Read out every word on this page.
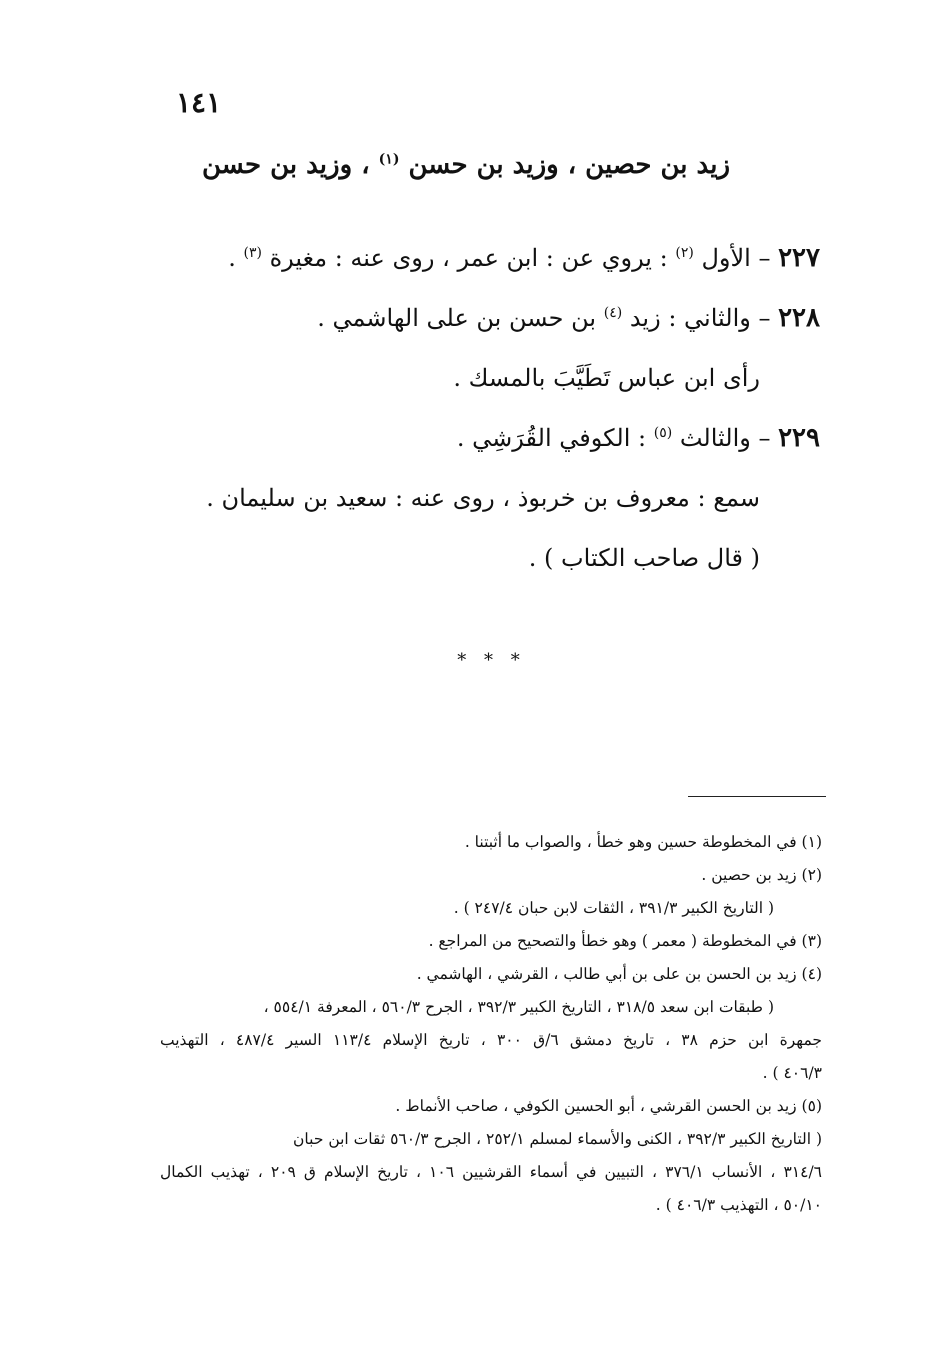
١٤١
زيد بن حصين ، وزيد بن حسن $^{(١)}$ ، وزيد بن حسن
٢٢٧ – الأول $^{(٢)}$ : يروي عن : ابن عمر ، روى عنه : مغيرة $^{(٣)}$ .
٢٢٨ – والثاني : زيد $^{(٤)}$ بن حسن بن على الهاشمي .
رأى ابن عباس تَطَيَّبَ بالمسك .
٢٢٩ – والثالث $^{(٥)}$ : الكوفي القُرَشِي .
سمع : معروف بن خربوذ ، روى عنه : سعيد بن سليمان .
( قال صاحب الكتاب ) .
* * *
(١) في المخطوطة حسين وهو خطأ ، والصواب ما أثبتنا .
(٢) زيد بن حصين .
( التاريخ الكبير ٣٩١/٣ ، الثقات لابن حبان ٢٤٧/٤ ) .
(٣) في المخطوطة ( معمر ) وهو خطأ والتصحيح من المراجع .
(٤) زيد بن الحسن بن على بن أبي طالب ، القرشي ، الهاشمي .
( طبقات ابن سعد ٣١٨/٥ ، التاريخ الكبير ٣٩٢/٣ ، الجرح ٥٦٠/٣ ، المعرفة ٥٥٤/١ ،
جمهرة ابن حزم ٣٨ ، تاريخ دمشق ٦/ق ٣٠٠ ، تاريخ الإسلام ١١٣/٤ السير ٤٨٧/٤ ، التهذيب
٤٠٦/٣ ) .
(٥) زيد بن الحسن القرشي ، أبو الحسين الكوفي ، صاحب الأنماط .
( التاريخ الكبير ٣٩٢/٣ ، الكنى والأسماء لمسلم ٢٥٢/١ ، الجرح ٥٦٠/٣ ثقات ابن حبان
٣١٤/٦ ، الأنساب ٣٧٦/١ ، التبيين في أسماء القرشيين ١٠٦ ، تاريخ الإسلام ق ٢٠٩ ، تهذيب الكمال
٥٠/١٠ ، التهذيب ٤٠٦/٣ ) .
